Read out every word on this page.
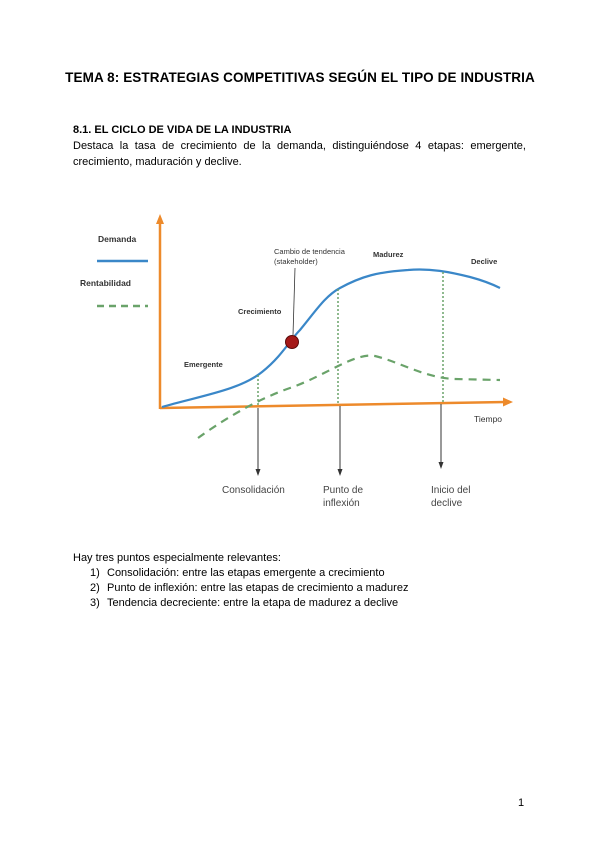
TEMA 8: ESTRATEGIAS COMPETITIVAS SEGÚN EL TIPO DE INDUSTRIA
8.1. EL CICLO DE VIDA DE LA INDUSTRIA
Destaca la tasa de crecimiento de la demanda, distinguiéndose 4 etapas: emergente, crecimiento, maduración y declive.
Demanda
Rentabilidad
Tiempo
Consolidación	Punto de
inflexión
Inicio del
declive
Emergente
Crecimiento
Madurez
Declive
Cambio de tendencia
(stakeholder)
Hay tres puntos especialmente relevantes:
1) Consolidación: entre las etapas emergente a crecimiento
2) Punto de inflexión: entre las etapas de crecimiento a madurez
3) Tendencia decreciente: entre la etapa de madurez a declive
1
